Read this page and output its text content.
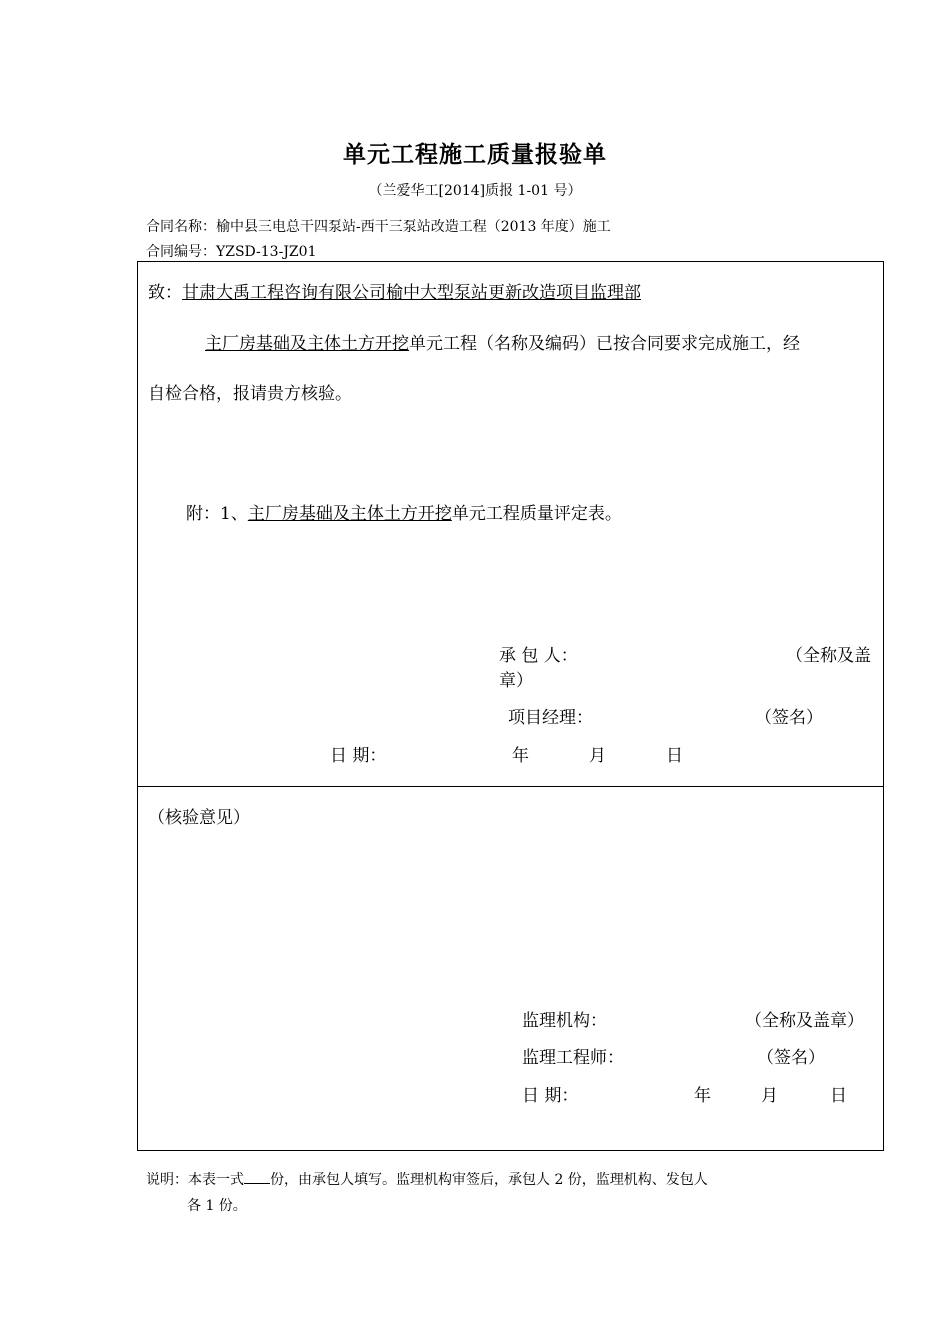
单元工程施工质量报验单
（兰爱华工[2014]质报 1-01 号）
合同名称：榆中县三电总干四泵站-西干三泵站改造工程（2013 年度）施工
合同编号：YZSD-13-JZ01
致：甘肃大禹工程咨询有限公司榆中大型泵站更新改造项目监理部
主厂房基础及主体土方开挖单元工程（名称及编码）已按合同要求完成施工，经
自检合格，报请贵方核验。
附：1、主厂房基础及主体土方开挖单元工程质量评定表。
承 包 人：	（全称及盖
章）
项目经理：	（签名）
日 期：	年	月	日
（核验意见）
监理机构：	（全称及盖章）
监理工程师：	（签名）
日 期：	年	月	日
说明：本表一式 份，由承包人填写。监理机构审签后，承包人 2 份，监理机构、发包人
各 1 份。
